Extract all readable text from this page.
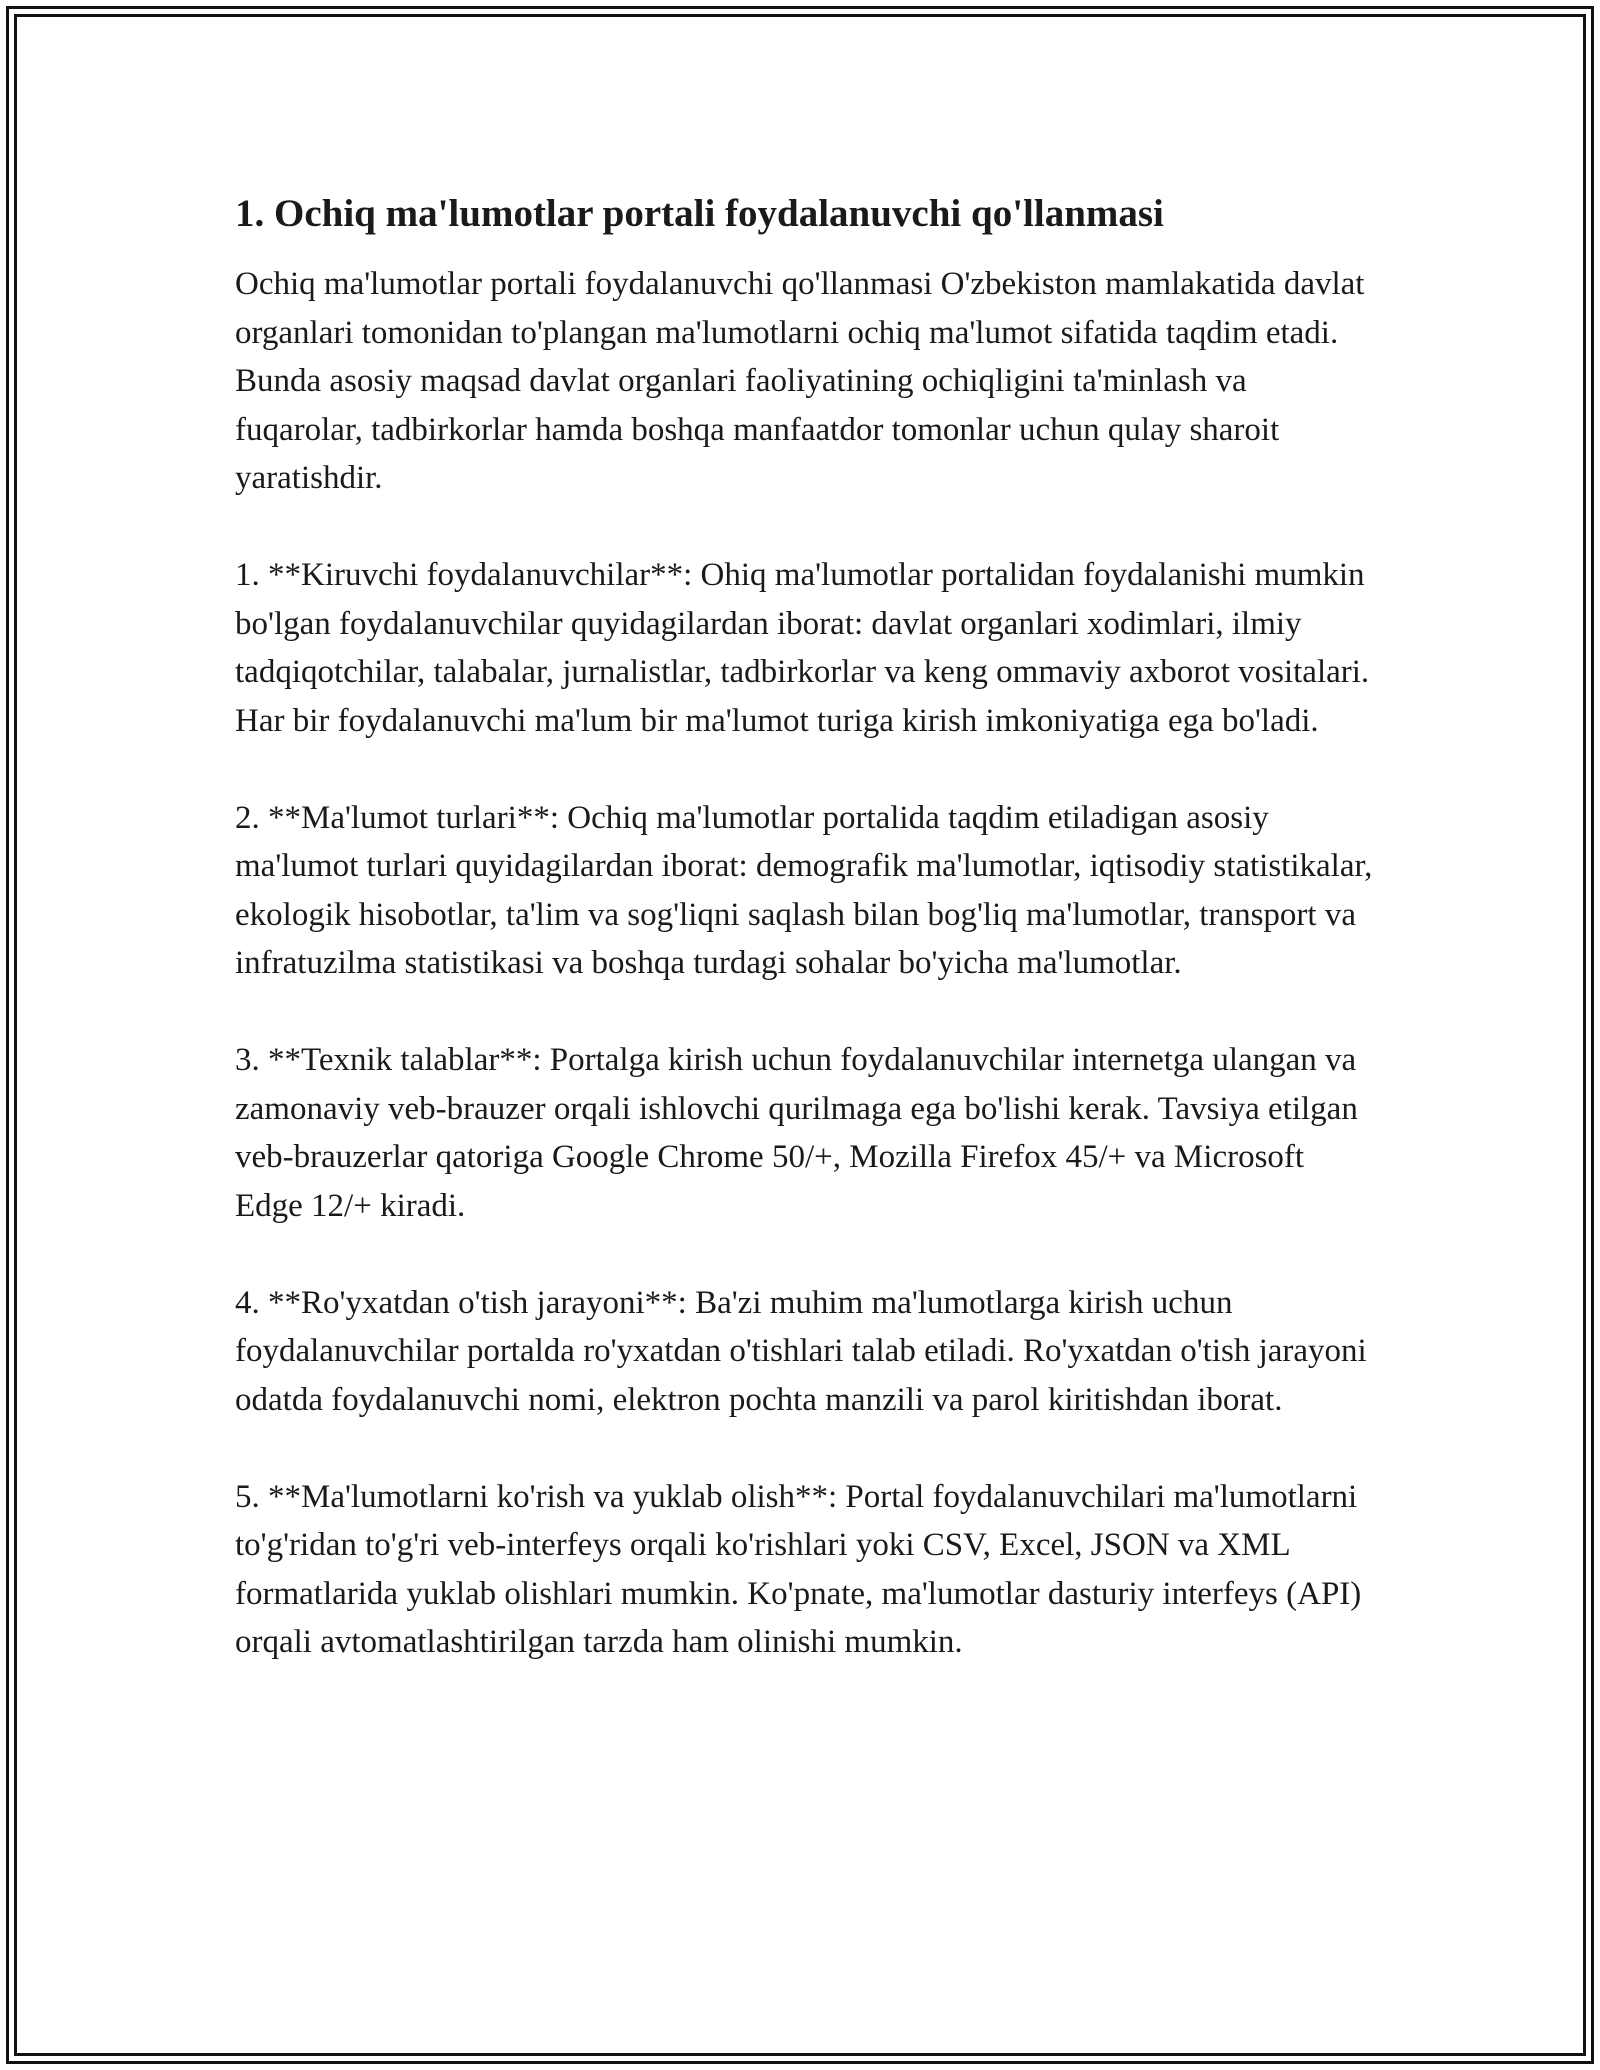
1. Ochiq ma'lumotlar portali foydalanuvchi qo'llanmasi

Ochiq ma'lumotlar portali foydalanuvchi qo'llanmasi O'zbekiston mamlakatida davlat organlari tomonidan to'plangan ma'lumotlarni ochiq ma'lumot sifatida taqdim etadi. Bunda asosiy maqsad davlat organlari faoliyatining ochiqligini ta'minlash va fuqarolar, tadbirkorlar hamda boshqa manfaatdor tomonlar uchun qulay sharoit yaratishdir.

1. **Kiruvchi foydalanuvchilar**: Ohiq ma'lumotlar portalidan foydalanishi mumkin bo'lgan foydalanuvchilar quyidagilardan iborat: davlat organlari xodimlari, ilmiy tadqiqotchilar, talabalar, jurnalistlar, tadbirkorlar va keng ommaviy axborot vositalari. Har bir foydalanuvchi ma'lum bir ma'lumot turiga kirish imkoniyatiga ega bo'ladi.

2. **Ma'lumot turlari**: Ochiq ma'lumotlar portalida taqdim etiladigan asosiy ma'lumot turlari quyidagilardan iborat: demografik ma'lumotlar, iqtisodiy statistikalar, ekologik hisobotlar, ta'lim va sog'liqni saqlash bilan bog'liq ma'lumotlar, transport va infratuzilma statistikasi va boshqa turdagi sohalar bo'yicha ma'lumotlar.

3. **Texnik talablar**: Portalga kirish uchun foydalanuvchilar internetga ulangan va zamonaviy veb-brauzer orqali ishlovchi qurilmaga ega bo'lishi kerak. Tavsiya etilgan veb-brauzerlar qatoriga Google Chrome 50/+, Mozilla Firefox 45/+ va Microsoft Edge 12/+ kiradi.

4. **Ro'yxatdan o'tish jarayoni**: Ba'zi muhim ma'lumotlarga kirish uchun foydalanuvchilar portalda ro'yxatdan o'tishlari talab etiladi. Ro'yxatdan o'tish jarayoni odatda foydalanuvchi nomi, elektron pochta manzili va parol kiritishdan iborat.

5. **Ma'lumotlarni ko'rish va yuklab olish**: Portal foydalanuvchilari ma'lumotlarni to'g'ridan to'g'ri veb-interfeys orqali ko'rishlari yoki CSV, Excel, JSON va XML formatlarida yuklab olishlari mumkin. Ko'pnate, ma'lumotlar dasturiy interfeys (API) orqali avtomatlashtirilgan tarzda ham olinishi mumkin.
